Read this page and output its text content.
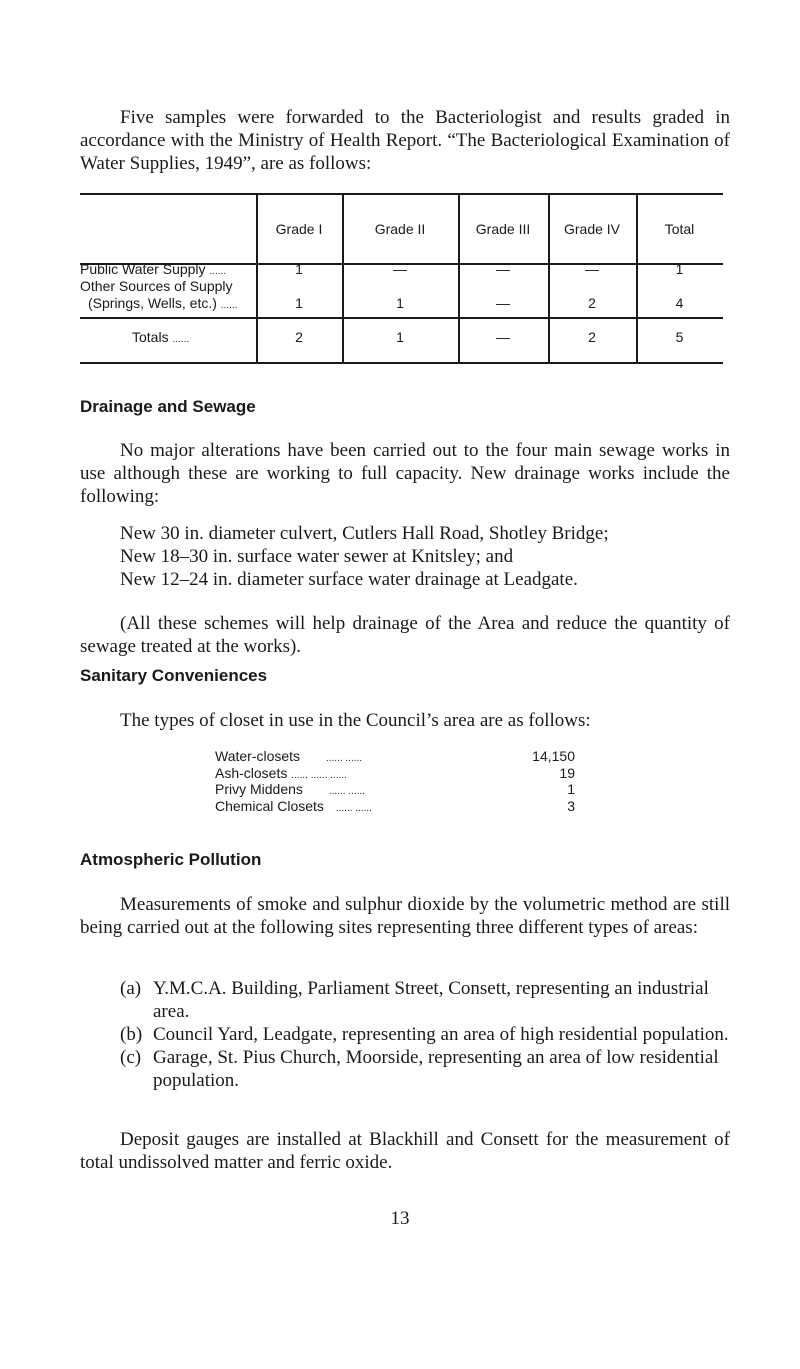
Five samples were forwarded to the Bacteriologist and results graded in accordance with the Ministry of Health Report. “The Bacteriological Examination of Water Supplies, 1949”, are as follows:

Grade I	Grade II	Grade III	Grade IV	Total
Public Water Supply ......	1	—	—	—	1
Other Sources of Supply
(Springs, Wells, etc.) ......	1	1	—	2	4
Totals ......	2	1	—	2	5
Drainage and Sewage

No major alterations have been carried out to the four main sewage works in use although these are working to full capacity. New drainage works include the following:

New 30 in. diameter culvert, Cutlers Hall Road, Shotley Bridge;
New 18–30 in. surface water sewer at Knitsley; and
New 12–24 in. diameter surface water drainage at Leadgate.

(All these schemes will help drainage of the Area and reduce the quantity of sewage treated at the works).

Sanitary Conveniences

The types of closet in use in the Council’s area are as follows:

Water-closets	...... ......	14,150
Ash-closets ...... ...... ......	19
Privy Middens	...... ......	1
Chemical Closets ...... ......	3
Atmospheric Pollution

Measurements of smoke and sulphur dioxide by the volumetric method are still being carried out at the following sites representing three different types of areas:

(a) Y.M.C.A. Building, Parliament Street, Consett, representing an industrial area.

(b) Council Yard, Leadgate, representing an area of high residential population.

(c) Garage, St. Pius Church, Moorside, representing an area of low residential population.

Deposit gauges are installed at Blackhill and Consett for the measurement of total undissolved matter and ferric oxide.

13
